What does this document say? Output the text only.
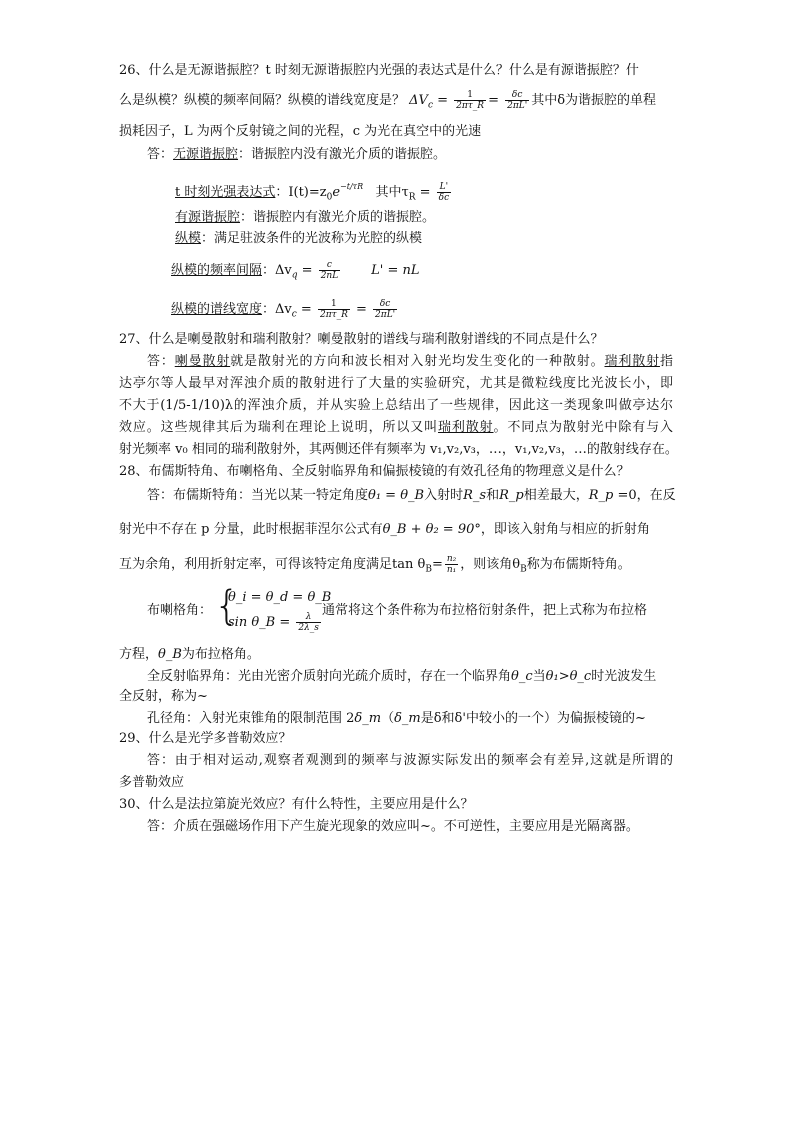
26、什么是无源谐振腔？t 时刻无源谐振腔内光强的表达式是什么？什么是有源谐振腔？什
么是纵模？纵模的频率间隔？纵模的谱线宽度是？ $\Delta V_c = \frac{1}{2\pi\tau\_R} = \frac{\delta c}{2\pi L'}$ 其中δ为谐振腔的单程
损耗因子，L 为两个反射镜之间的光程，c 为光在真空中的光速
答：无源谐振腔：谐振腔内没有激光介质的谐振腔。
t 时刻光强表达式：$I(t)=z_0e^{-t/\tau R}$ 其中$\tau_R = \frac{L'}{\delta c}$
有源谐振腔：谐振腔内有激光介质的谐振腔。
纵模：满足驻波条件的光波称为光腔的纵模
纵模的频率间隔：$\Delta v_q = \frac{c}{2nL} L'$ = nL
纵模的谱线宽度：$\Delta v_c = \frac{1}{2\pi\tau\_R} = \frac{\delta c}{2\pi L'}$
27、什么是喇曼散射和瑞利散射？喇曼散射的谱线与瑞利散射谱线的不同点是什么？
答：喇曼散射就是散射光的方向和波长相对入射光均发生变化的一种散射。瑞利散射指
达亭尔等人最早对浑浊介质的散射进行了大量的实验研究，尤其是微粒线度比光波长小，即
不大于(1/5-1/10)λ的浑浊介质，并从实验上总结出了一些规律，因此这一类现象叫做亭达尔
效应。这些规律其后为瑞利在理论上说明，所以又叫瑞利散射。不同点为散射光中除有与入
射光频率 v₀ 相同的瑞利散射外，其两侧还伴有频率为 v₁,v₂,v₃，…，v₁,v₂,v₃，…的散射线存在。
28、布儒斯特角、布喇格角、全反射临界角和偏振棱镜的有效孔径角的物理意义是什么？
答：布儒斯特角：当光以某一特定角度θ₁ = θ_B入射时R_s和R_p相差最大，R_p =0，在反
射光中不存在 p 分量，此时根据菲涅尔公式有θ_B + θ₂ = 90°，即该入射角与相应的折射角
互为余角，利用折射定率，可得该特定角度满足$\tan \theta_B= \frac{\text{n₂}}{\text{n₁}}$ ，则该角$\theta_B$称为布儒斯特角。
布喇格角： {
θ_i = θ_d = θ_B
sin θ_B = $\frac{\lambda}{2\lambda\_s}$
通常将这个条件称为布拉格衍射条件，把上式称为布拉格
方程，θ_B为布拉格角。
全反射临界角：光由光密介质射向光疏介质时，存在一个临界角θ_c当θ₁>θ_c时光波发生
全反射，称为~
孔径角：入射光束锥角的限制范围 2δ_m（δ_m是δ和δ'中较小的一个）为偏振棱镜的~
29、什么是光学多普勒效应？
答：由于相对运动,观察者观测到的频率与波源实际发出的频率会有差异,这就是所谓的
多普勒效应
30、什么是法拉第旋光效应？有什么特性，主要应用是什么？
答：介质在强磁场作用下产生旋光现象的效应叫~。不可逆性，主要应用是光隔离器。
